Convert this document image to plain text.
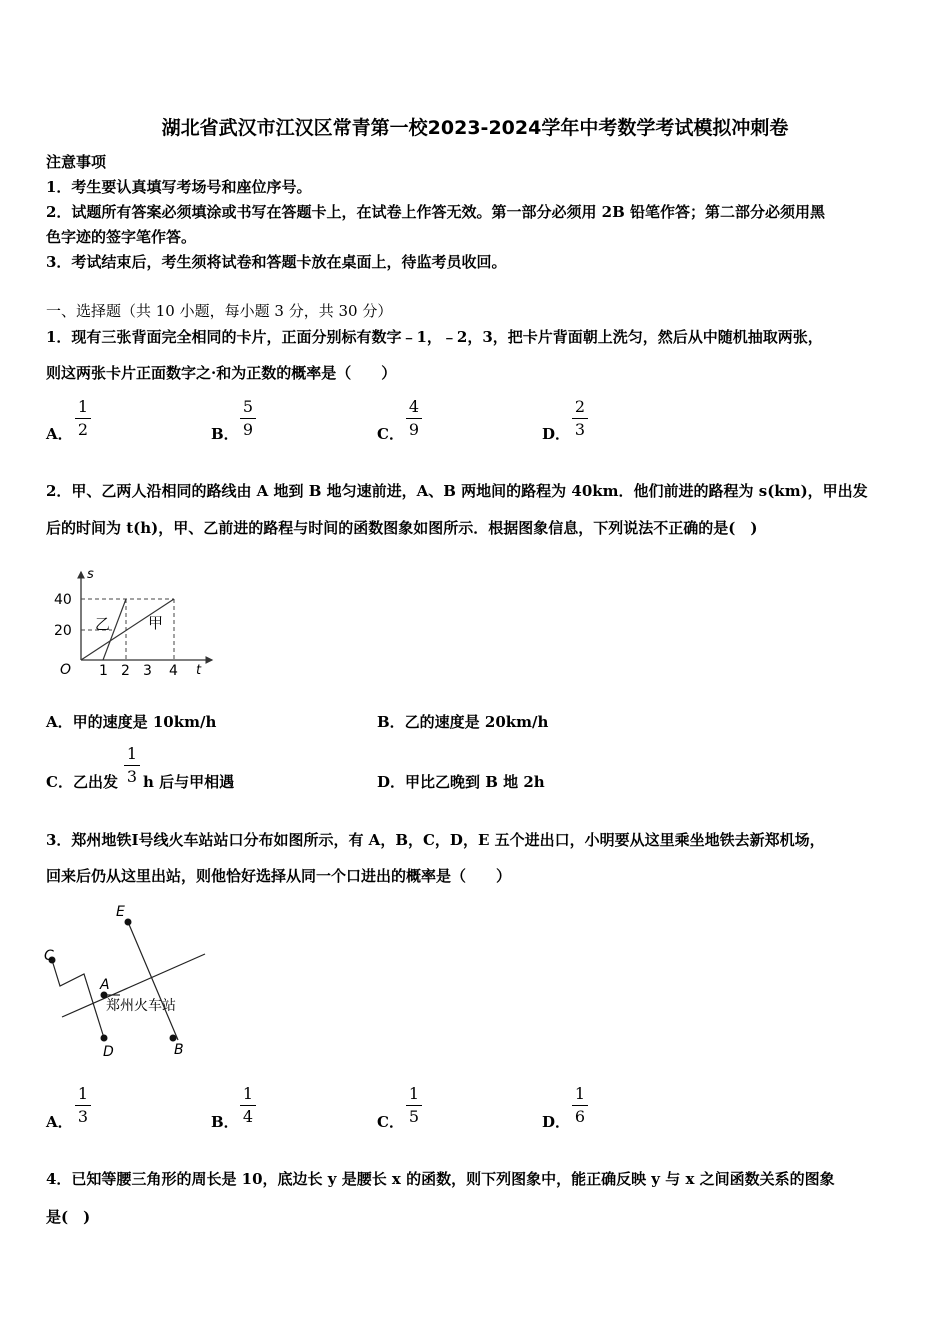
湖北省武汉市江汉区常青第一校2023-2024学年中考数学考试模拟冲刺卷
注意事项
1．考生要认真填写考场号和座位序号。
2．试题所有答案必须填涂或书写在答题卡上，在试卷上作答无效。第一部分必须用 2B 铅笔作答；第二部分必须用黑
色字迹的签字笔作答。
3．考试结束后，考生须将试卷和答题卡放在桌面上，待监考员收回。
一、选择题（共 10 小题，每小题 3 分，共 30 分）
1．现有三张背面完全相同的卡片，正面分别标有数字﹣1，﹣2，3，把卡片背面朝上洗匀，然后从中随机抽取两张，
则这两张卡片正面数字之·和为正数的概率是（　　）
A．
1
2	B．
5
9	C．
4
9	D．
2
3
2．甲、乙两人沿相同的路线由 A 地到 B 地匀速前进，A、B 两地间的路程为 40km．他们前进的路程为 s(km)，甲出发
后的时间为 t(h)，甲、乙前进的路程与时间的函数图象如图所示．根据图象信息，下列说法不正确的是(　)
s
t
O
40
20
1 2 3 4
乙	甲
A．甲的速度是 10km/h	B．乙的速度是 20km/h
C．乙出发
1
3 h 后与甲相遇	D．甲比乙晚到 B 地 2h
3．郑州地铁Ⅰ号线火车站站口分布如图所示，有 A，B，C，D，E 五个进出口，小明要从这里乘坐地铁去新郑机场，
回来后仍从这里出站，则他恰好选择从同一个口进出的概率是（　　）
E
C
A
D	B
郑州火车站
A．
1
3	B．
1
4	C．
1
5	D．
1
6
4．已知等腰三角形的周长是 10，底边长 y 是腰长 x 的函数，则下列图象中，能正确反映 y 与 x 之间函数关系的图象
是(　)
